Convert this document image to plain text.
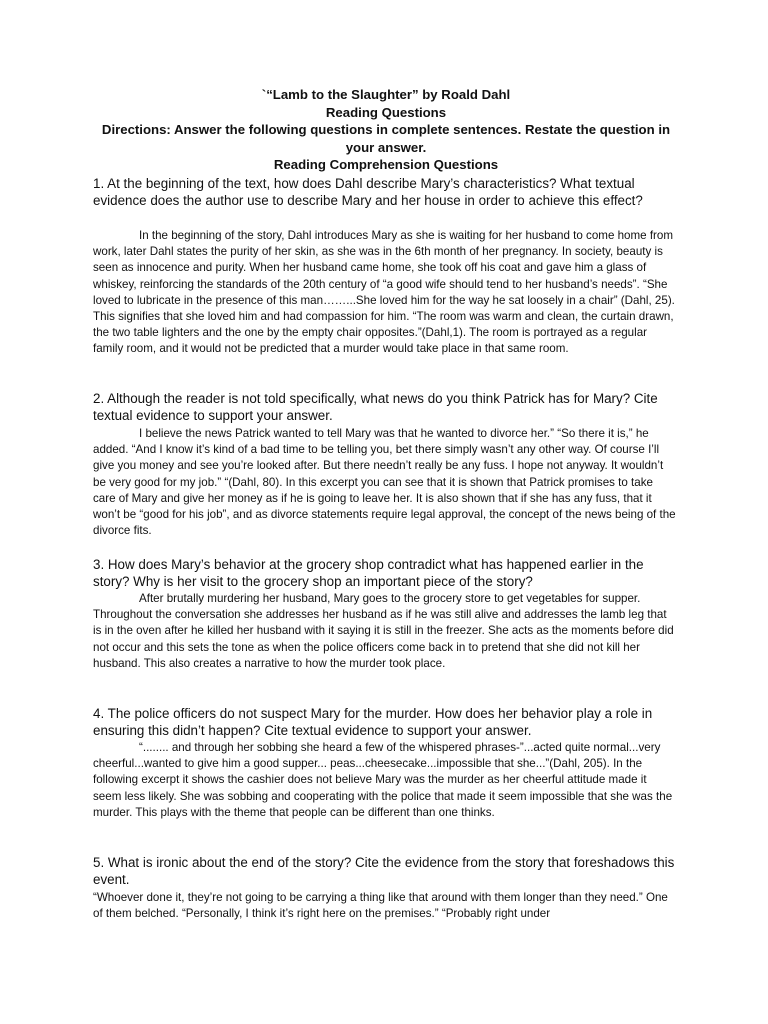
`“Lamb to the Slaughter” by Roald Dahl
Reading Questions
Directions: Answer the following questions in complete sentences. Restate the question in your answer.
Reading Comprehension Questions

1. At the beginning of the text, how does Dahl describe Mary’s characteristics? What textual evidence does the author use to describe Mary and her house in order to achieve this effect?

In the beginning of the story, Dahl introduces Mary as she is waiting for her husband to come home from work, later Dahl states the purity of her skin, as she was in the 6th month of her pregnancy. In society, beauty is seen as innocence and purity. When her husband came home, she took off his coat and gave him a glass of whiskey, reinforcing the standards of the 20th century of “a good wife should tend to her husband’s needs”. “She loved to lubricate in the presence of this man……...She loved him for the way he sat loosely in a chair” (Dahl, 25). This signifies that she loved him and had compassion for him. “The room was warm and clean, the curtain drawn, the two table lighters and the one by the empty chair opposites.”(Dahl,1). The room is portrayed as a regular family room, and it would not be predicted that a murder would take place in that same room.

2. Although the reader is not told specifically, what news do you think Patrick has for Mary? Cite textual evidence to support your answer.

I believe the news Patrick wanted to tell Mary was that he wanted to divorce her.” “So there it is,” he added. “And I know it’s kind of a bad time to be telling you, bet there simply wasn’t any other way. Of course I’ll give you money and see you’re looked after. But there needn’t really be any fuss. I hope not anyway. It wouldn’t be very good for my job.” “(Dahl, 80). In this excerpt you can see that it is shown that Patrick promises to take care of Mary and give her money as if he is going to leave her. It is also shown that if she has any fuss, that it won’t be “good for his job”, and as divorce statements require legal approval, the concept of the news being of the divorce fits.

3. How does Mary’s behavior at the grocery shop contradict what has happened earlier in the story? Why is her visit to the grocery shop an important piece of the story?

After brutally murdering her husband, Mary goes to the grocery store to get vegetables for supper. Throughout the conversation she addresses her husband as if he was still alive and addresses the lamb leg that is in the oven after he killed her husband with it saying it is still in the freezer. She acts as the moments before did not occur and this sets the tone as when the police officers come back in to pretend that she did not kill her husband. This also creates a narrative to how the murder took place.

4. The police officers do not suspect Mary for the murder. How does her behavior play a role in ensuring this didn’t happen? Cite textual evidence to support your answer.

“........ and through her sobbing she heard a few of the whispered phrases-”...acted quite normal...very cheerful...wanted to give him a good supper... peas...cheesecake...impossible that she...”(Dahl, 205). In the following excerpt it shows the cashier does not believe Mary was the murder as her cheerful attitude made it seem less likely. She was sobbing and cooperating with the police that made it seem impossible that she was the murder. This plays with the theme that people can be different than one thinks.

5. What is ironic about the end of the story? Cite the evidence from the story that foreshadows this event.

“Whoever done it, they’re not going to be carrying a thing like that around with them longer than they need.” One of them belched. “Personally, I think it’s right here on the premises.” “Probably right under
